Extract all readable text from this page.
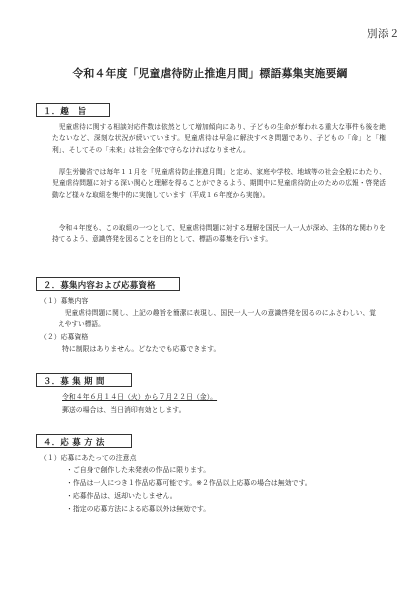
別添２
令和４年度「児童虐待防止推進月間」標語募集実施要綱
１．趣　旨

児童虐待に関する相談対応件数は依然として増加傾向にあり、子どもの生命が奪われる重大な事件も後を絶たないなど、深刻な状況が続いています。児童虐待は早急に解決すべき問題であり、子どもの「命」と「権利」、そしてその「未来」は社会全体で守らなければなりません。

厚生労働省では毎年１１月を「児童虐待防止推進月間」と定め、家庭や学校、地域等の社会全般にわたり、児童虐待問題に対する深い関心と理解を得ることができるよう、期間中に児童虐待防止のための広報・啓発活動など様々な取組を集中的に実施しています（平成１６年度から実施）。

令和４年度も、この取組の一つとして、児童虐待問題に対する理解を国民一人一人が深め、主体的な関わりを持てるよう、意識啓発を図ることを目的として、標語の募集を行います。

２．募集内容および応募資格
（１）募集内容

児童虐待問題に関し、上記の趣旨を簡潔に表現し、国民一人一人の意識啓発を図るのにふさわしい、覚えやすい標語。

（２）応募資格
特に制限はありません。どなたでも応募できます。
３．募 集 期 間
令和４年６月１４日（火）から７月２２日（金）。
郵送の場合は、当日消印有効とします。
４．応 募 方 法
（１）応募にあたっての注意点
・ご自身で創作した未発表の作品に限ります。
・作品は一人につき１作品応募可能です。※２作品以上応募の場合は無効です。
・応募作品は、返却いたしません。
・指定の応募方法による応募以外は無効です。
